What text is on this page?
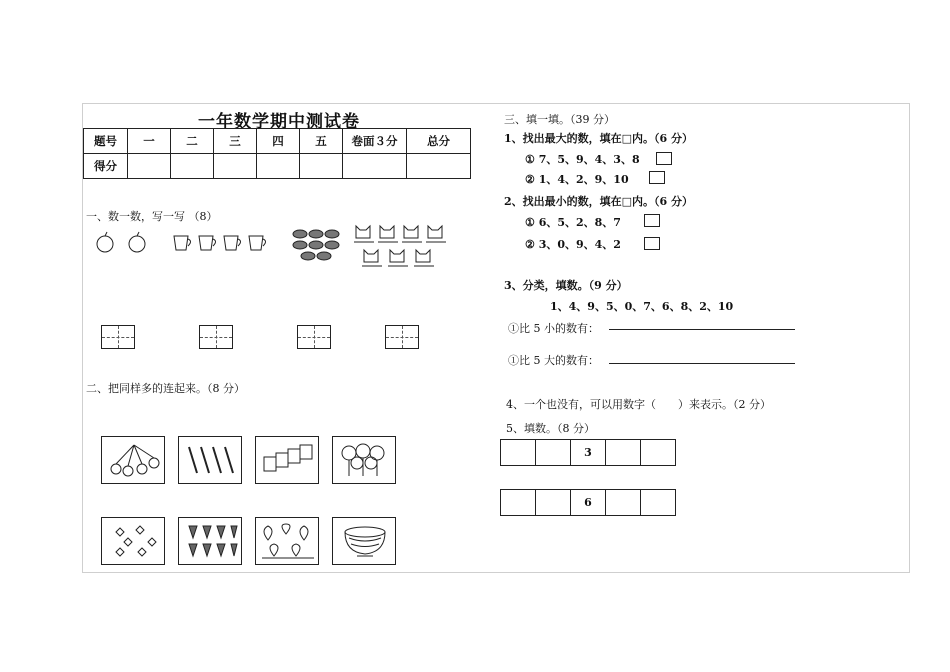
一年数学期中测试卷
题号	一	二	三	四	五	卷面３分	总分
得分							
一、数一数，写一写 （8）
二、把同样多的连起来。（8 分）
三、填一填。（39 分）
1、找出最大的数，填在□内。（6 分）
① 7、5、9、4、3、8
② 1、4、2、9、10
2、找出最小的数，填在□内。（6 分）
① 6、5、2、8、7
② 3、0、9、4、2
3、分类，填数。（9 分）
1、4、9、5、0、7、6、8、2、10
①比 5 小的数有：
①比 5 大的数有：
4、一个也没有，可以用数字（　　）来表示。（2 分）
5、填数。（8 分）
		3		
		6		
